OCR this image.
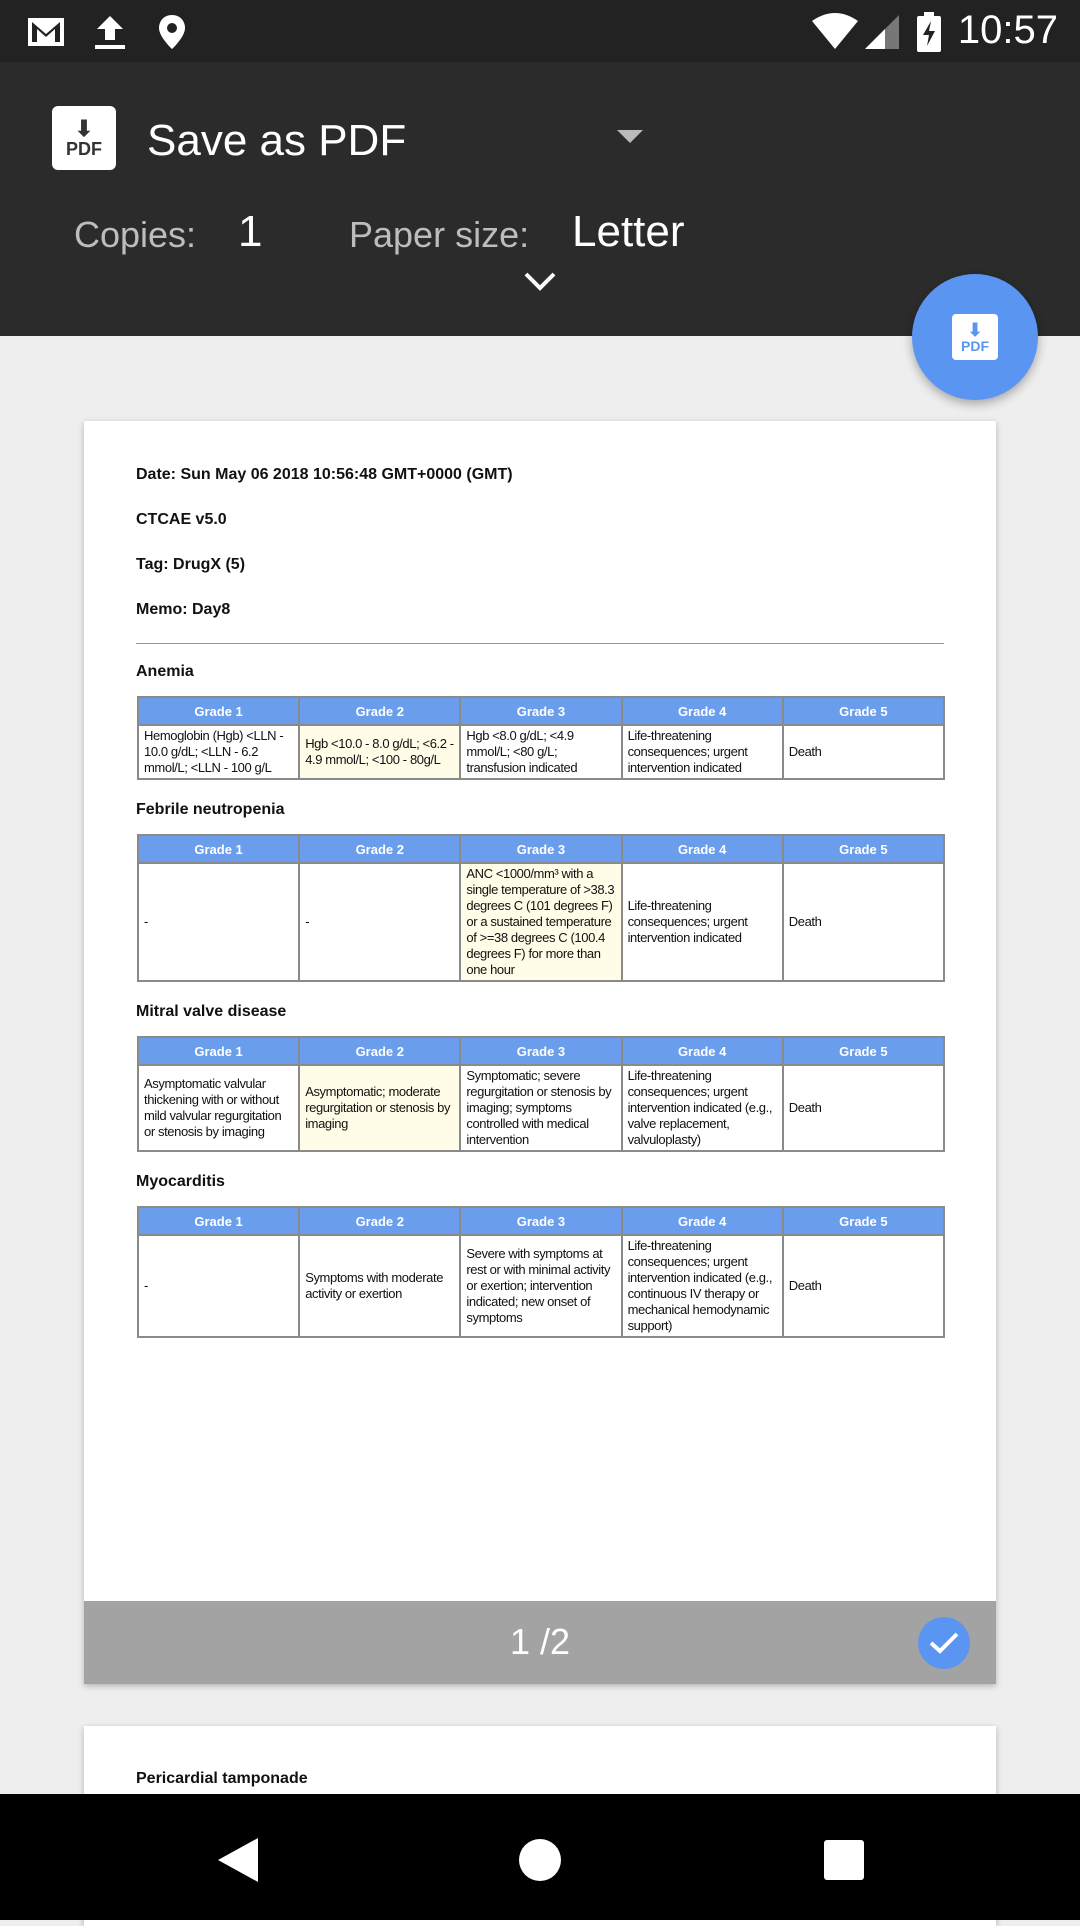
10:57
⬇
PDF Save as PDF
Copies: 1 Paper size: Letter
⬇
PDF
Date: Sun May 06 2018 10:56:48 GMT+0000 (GMT)
CTCAE v5.0
Tag: DrugX (5)
Memo: Day8
Anemia
Grade 1	Grade 2	Grade 3	Grade 4	Grade 5
Hemoglobin (Hgb) <LLN - 10.0 g/dL; <LLN - 6.2 mmol/L; <LLN - 100 g/L	Hgb <10.0 - 8.0 g/dL; <6.2 - 4.9 mmol/L; <100 - 80g/L	Hgb <8.0 g/dL; <4.9 mmol/L; <80 g/L; transfusion indicated	Life-threatening consequences; urgent intervention indicated	Death
Febrile neutropenia
Grade 1	Grade 2	Grade 3	Grade 4	Grade 5
-	-	ANC <1000/mm³ with a single temperature of >38.3 degrees C (101 degrees F) or a sustained temperature of >=38 degrees C (100.4 degrees F) for more than one hour	Life-threatening consequences; urgent intervention indicated	Death
Mitral valve disease
Grade 1	Grade 2	Grade 3	Grade 4	Grade 5
Asymptomatic valvular thickening with or without mild valvular regurgitation or stenosis by imaging	Asymptomatic; moderate regurgitation or stenosis by imaging	Symptomatic; severe regurgitation or stenosis by imaging; symptoms controlled with medical intervention	Life-threatening consequences; urgent intervention indicated (e.g., valve replacement, valvuloplasty)	Death
Myocarditis
Grade 1	Grade 2	Grade 3	Grade 4	Grade 5
-	Symptoms with moderate activity or exertion	Severe with symptoms at rest or with minimal activity or exertion; intervention indicated; new onset of symptoms	Life-threatening consequences; urgent intervention indicated (e.g., continuous IV therapy or mechanical hemodynamic support)	Death
1 /2
Pericardial tamponade
